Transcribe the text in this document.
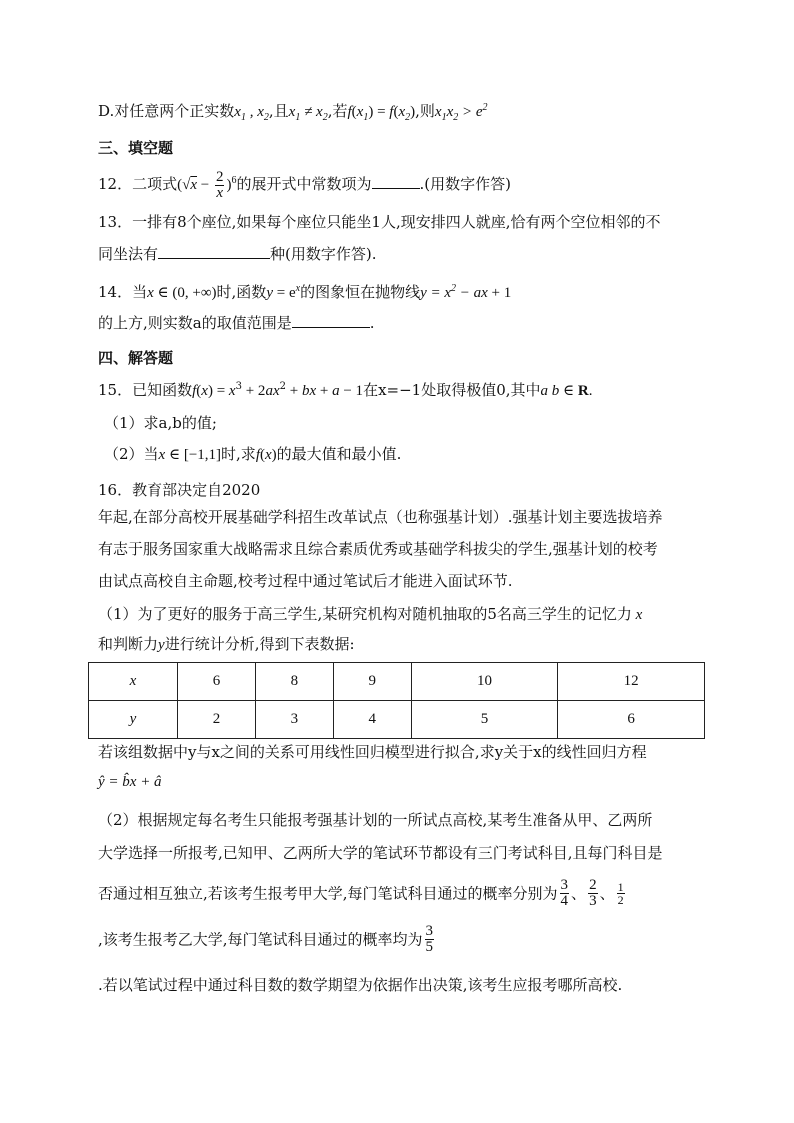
D.对任意两个正实数$x_1$ , $x_2$,且$x_1 \ne x_2$,若$f(x_1) = f(x_2)$,则$x_1x_2 > e^2$
三、填空题
12．二项式$(√x - \frac{2}{x} )^6$的展开式中常数项为	.(用数字作答)
13．一排有8个座位,如果每个座位只能坐1人,现安排四人就座,恰有两个空位相邻的不
同坐法有	种(用数字作答).
14．当x ∈ (0, +∞)时,函数$y = e^x$的图象恒在抛物线$y = x^2$ − ax + 1
的上方,则实数a的取值范围是	.
四、解答题
15．已知函数$f(x) = x^3 + 2ax^2$ + bx + a − 1在x=−1处取得极值0,其中a b ∈ R.
（1）求a,b的值;
（2）当x ∈ [−1,1]时,求f(x)的最大值和最小值.
16．教育部决定自2020
年起,在部分高校开展基础学科招生改革试点（也称强基计划）.强基计划主要选拔培养
有志于服务国家重大战略需求且综合素质优秀或基础学科拔尖的学生,强基计划的校考
由试点高校自主命题,校考过程中通过笔试后才能进入面试环节.
（1）为了更好的服务于高三学生,某研究机构对随机抽取的5名高三学生的记忆力 x
和判断力y进行统计分析,得到下表数据:
x	6	8	9	10	12
y	2	3	4	5	6
若该组数据中y与x之间的关系可用线性回归模型进行拟合,求y关于x的线性回归方程
ŷ = b̂x + â
（2）根据规定每名考生只能报考强基计划的一所试点高校,某考生准备从甲、乙两所
大学选择一所报考,已知甲、乙两所大学的笔试环节都设有三门考试科目,且每门科目是
否通过相互独立,若该考生报考甲大学,每门笔试科目通过的概率分别为 $\frac{3}{4}$ 、 $\frac{2}{3}$ 、 $\frac{1}{2}$
,该考生报考乙大学,每门笔试科目通过的概率均为 $\frac{3}{5}$
.若以笔试过程中通过科目数的数学期望为依据作出决策,该考生应报考哪所高校.
